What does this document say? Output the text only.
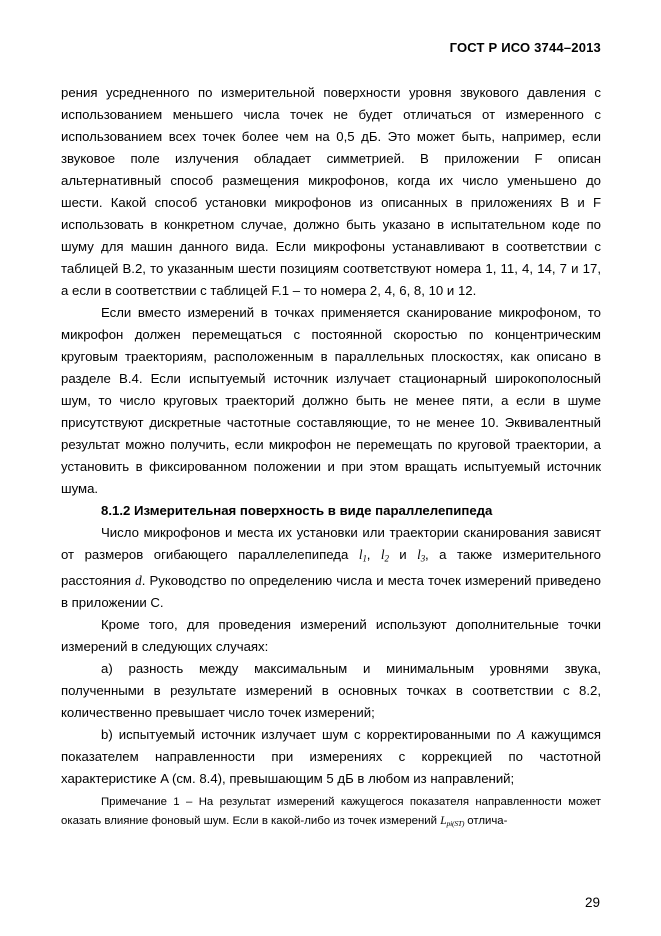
ГОСТ Р ИСО 3744–2013

рения усредненного по измерительной поверхности уровня звукового давления с использованием меньшего числа точек не будет отличаться от измеренного с использованием всех точек более чем на 0,5 дБ. Это может быть, например, если звуковое поле излучения обладает симметрией. В приложении F описан альтернативный способ размещения микрофонов, когда их число уменьшено до шести. Какой способ установки микрофонов из описанных в приложениях B и F использовать в конкретном случае, должно быть указано в испытательном коде по шуму для машин данного вида. Если микрофоны устанавливают в соответствии с таблицей В.2, то указанным шести позициям соответствуют номера 1, 11, 4, 14, 7 и 17, а если в соответствии с таблицей F.1 – то номера 2, 4, 6, 8, 10 и 12.

Если вместо измерений в точках применяется сканирование микрофоном, то микрофон должен перемещаться с постоянной скоростью по концентрическим круговым траекториям, расположенным в параллельных плоскостях, как описано в разделе В.4. Если испытуемый источник излучает стационарный широкополосный шум, то число круговых траекторий должно быть не менее пяти, а если в шуме присутствуют дискретные частотные составляющие, то не менее 10. Эквивалентный результат можно получить, если микрофон не перемещать по круговой траектории, а установить в фиксированном положении и при этом вращать испытуемый источник шума.

8.1.2 Измерительная поверхность в виде параллелепипеда

Число микрофонов и места их установки или траектории сканирования зависят от размеров огибающего параллелепипеда $l_1$, $l_2$ и $l_3$, а также измерительного расстояния d. Руководство по определению числа и места точек измерений приведено в приложении С.

Кроме того, для проведения измерений используют дополнительные точки измерений в следующих случаях:

a) разность между максимальным и минимальным уровнями звука, полученными в результате измерений в основных точках в соответствии с 8.2, количественно превышает число точек измерений;

b) испытуемый источник излучает шум с корректированными по A кажущимся показателем направленности при измерениях с коррекцией по частотной характеристике A (см. 8.4), превышающим 5 дБ в любом из направлений;

Примечание 1 – На результат измерений кажущегося показателя направленности может оказать влияние фоновый шум. Если в какой-либо из точек измерений $L_{pi(ST)}$ отлича-

29
